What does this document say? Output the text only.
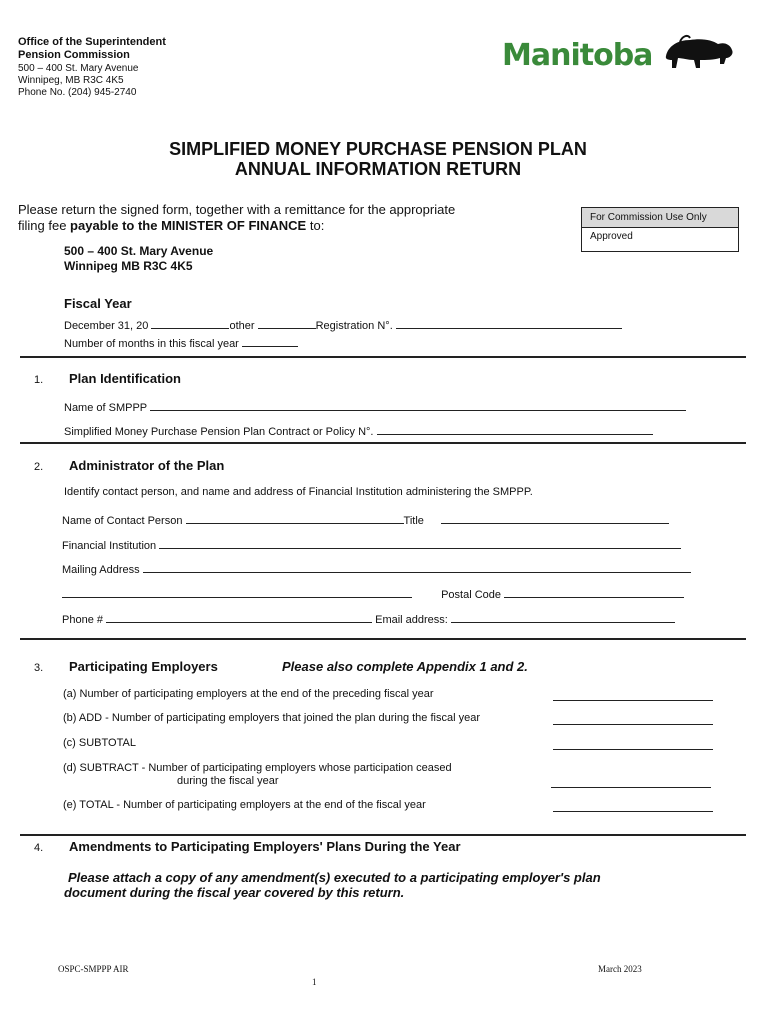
Office of the Superintendent
Pension Commission
500 – 400 St. Mary Avenue
Winnipeg, MB R3C 4K5
Phone No. (204) 945-2740
Manitoba
SIMPLIFIED MONEY PURCHASE PENSION PLAN
ANNUAL INFORMATION RETURN
Please return the signed form, together with a remittance for the appropriate
filing fee payable to the MINISTER OF FINANCE to:
500 – 400 St. Mary Avenue
Winnipeg MB R3C 4K5
For Commission Use Only
Approved
Fiscal Year
December 31, 20	other	Registration N°.
Number of months in this fiscal year
1. Plan Identification
Name of SMPPP
Simplified Money Purchase Pension Plan Contract or Policy N°.
2. Administrator of the Plan
Identify contact person, and name and address of Financial Institution administering the SMPPP.
Name of Contact Person	Title
Financial Institution
Mailing Address
Postal Code
Phone #	Email address:
3. Participating Employers	Please also complete Appendix 1 and 2.
(a) Number of participating employers at the end of the preceding fiscal year
(b) ADD - Number of participating employers that joined the plan during the fiscal year
(c) SUBTOTAL
(d) SUBTRACT - Number of participating employers whose participation ceased
during the fiscal year
(e) TOTAL - Number of participating employers at the end of the fiscal year
4. Amendments to Participating Employers' Plans During the Year
Please attach a copy of any amendment(s) executed to a participating employer's plan
document during the fiscal year covered by this return.
OSPC-SMPPP AIR	March 2023
1
